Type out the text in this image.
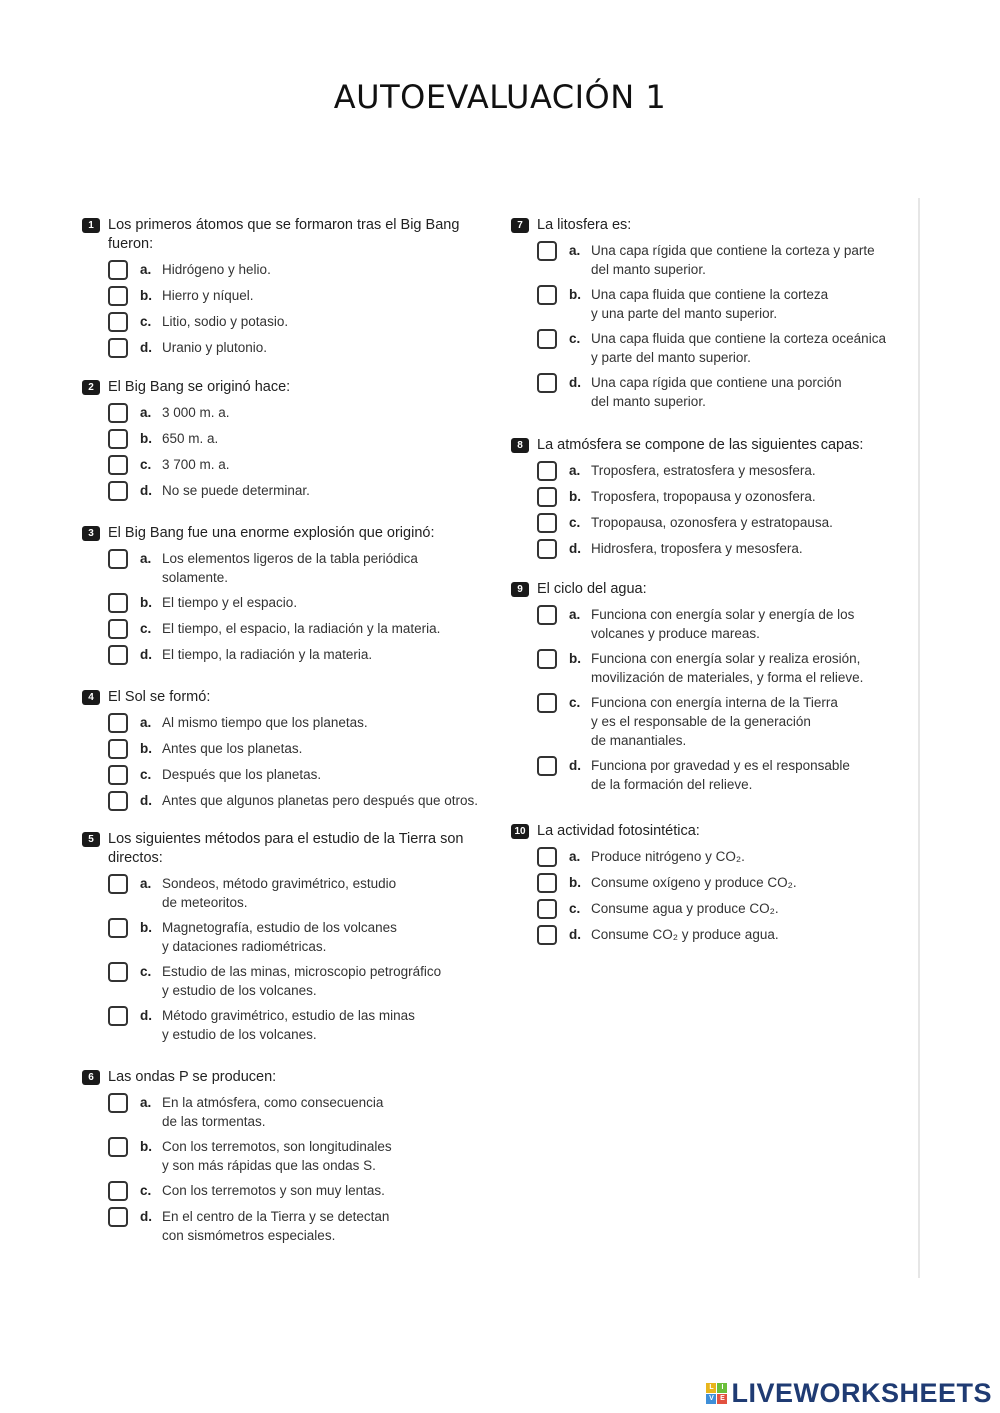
AUTOEVALUACIÓN 1
1 Los primeros átomos que se formaron tras el Big Bang fueron:
a. Hidrógeno y helio.
b. Hierro y níquel.
c. Litio, sodio y potasio.
d. Uranio y plutonio.
2 El Big Bang se originó hace:
a. 3 000 m. a.
b. 650 m. a.
c. 3 700 m. a.
d. No se puede determinar.
3 El Big Bang fue una enorme explosión que originó:
a. Los elementos ligeros de la tabla periódica
solamente.
b. El tiempo y el espacio.
c. El tiempo, el espacio, la radiación y la materia.
d. El tiempo, la radiación y la materia.
4 El Sol se formó:
a. Al mismo tiempo que los planetas.
b. Antes que los planetas.
c. Después que los planetas.
d. Antes que algunos planetas pero después que otros.
5 Los siguientes métodos para el estudio de la Tierra son directos:
a. Sondeos, método gravimétrico, estudio
de meteoritos.
b. Magnetografía, estudio de los volcanes
y dataciones radiométricas.
c. Estudio de las minas, microscopio petrográfico
y estudio de los volcanes.
d. Método gravimétrico, estudio de las minas
y estudio de los volcanes.
6 Las ondas P se producen:
a. En la atmósfera, como consecuencia
de las tormentas.
b. Con los terremotos, son longitudinales
y son más rápidas que las ondas S.
c. Con los terremotos y son muy lentas.
d. En el centro de la Tierra y se detectan
con sismómetros especiales.
7 La litosfera es:
a. Una capa rígida que contiene la corteza y parte
del manto superior.
b. Una capa fluida que contiene la corteza
y una parte del manto superior.
c. Una capa fluida que contiene la corteza oceánica
y parte del manto superior.
d. Una capa rígida que contiene una porción
del manto superior.
8 La atmósfera se compone de las siguientes capas:
a. Troposfera, estratosfera y mesosfera.
b. Troposfera, tropopausa y ozonosfera.
c. Tropopausa, ozonosfera y estratopausa.
d. Hidrosfera, troposfera y mesosfera.
9 El ciclo del agua:
a. Funciona con energía solar y energía de los
volcanes y produce mareas.
b. Funciona con energía solar y realiza erosión,
movilización de materiales, y forma el relieve.
c. Funciona con energía interna de la Tierra
y es el responsable de la generación
de manantiales.
d. Funciona por gravedad y es el responsable
de la formación del relieve.
10 La actividad fotosintética:
a. Produce nitrógeno y CO₂.
b. Consume oxígeno y produce CO₂.
c. Consume agua y produce CO₂.
d. Consume CO₂ y produce agua.
L	I
V E LIVEWORKSHEETS
